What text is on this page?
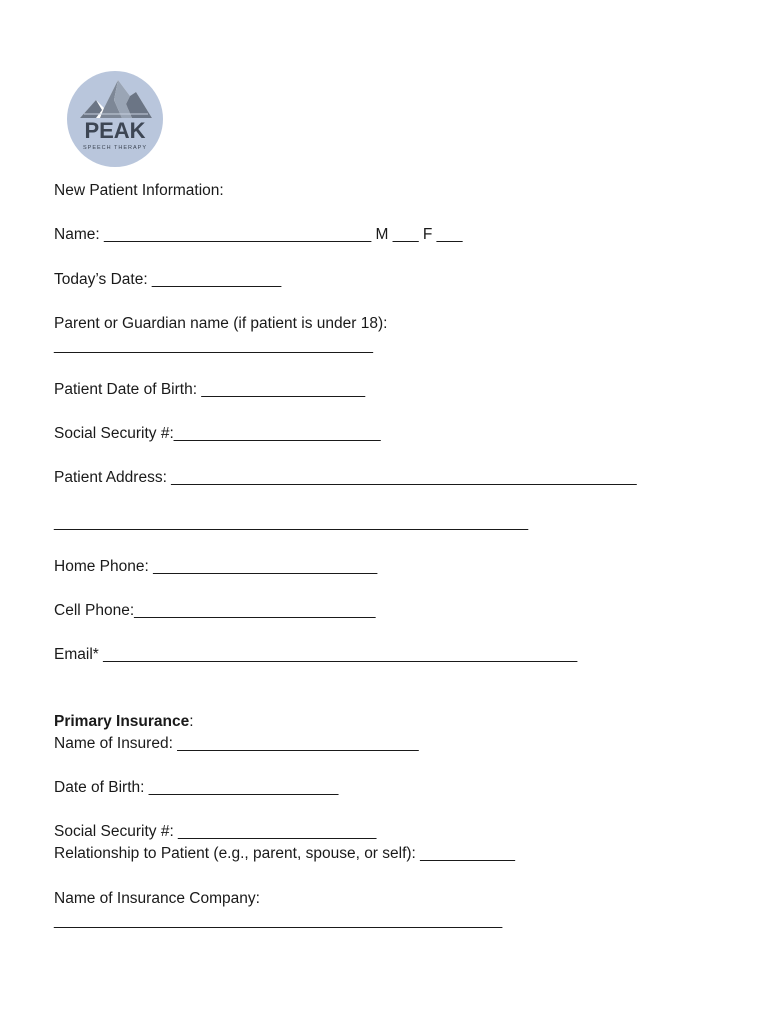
PEAK
SPEECH THERAPY
New Patient Information:
Name: _______________________________ M ___ F ___
Today’s Date: _______________
Parent or Guardian name (if patient is under 18):
_____________________________________
Patient Date of Birth: ___________________
Social Security #:________________________
Patient Address: ______________________________________________________
_______________________________________________________
Home Phone: __________________________
Cell Phone:____________________________
Email* _______________________________________________________
Primary Insurance:
Name of Insured: ____________________________
Date of Birth: ______________________
Social Security #: _______________________
Relationship to Patient (e.g., parent, spouse, or self): ___________
Name of Insurance Company:
____________________________________________________
